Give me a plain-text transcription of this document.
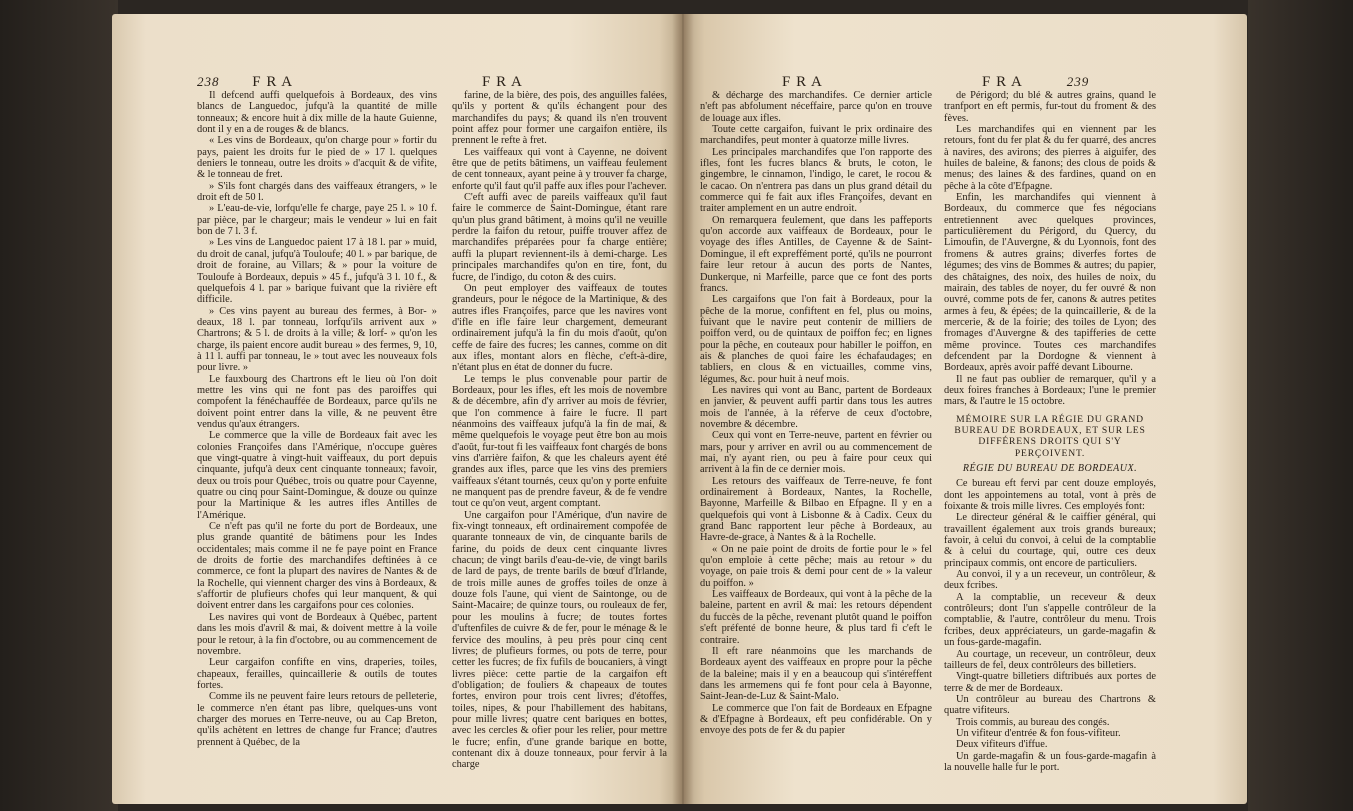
238 F R A	F R A

Il defcend auffi quelquefois à Bordeaux, des vins blancs de Languedoc, jufqu'à la quantité de mille tonneaux; & encore huit à dix mille de la haute Guienne, dont il y en a de rouges & de blancs.

« Les vins de Bordeaux, qu'on charge pour » fortir du pays, paient les droits fur le pied de » 17 l. quelques deniers le tonneau, outre les droits » d'acquit & de vifite, & le tonneau de fret.

» S'ils font chargés dans des vaiffeaux étrangers, » le droit eft de 50 l.

» L'eau-de-vie, lorfqu'elle fe charge, paye 25 l. » 10 f. par pièce, par le chargeur; mais le vendeur » lui en fait bon de 7 l. 3 f.

» Les vins de Languedoc paient 17 à 18 l. par » muid, du droit de canal, jufqu'à Touloufe; 40 l. » par barique, de droit de foraine, au Villars; & » pour la voiture de Touloufe à Bordeaux, depuis » 45 f., jufqu'à 3 l. 10 f., & quelquefois 4 l. par » barique fuivant que la rivière eft difficile.

» Ces vins payent au bureau des fermes, à Bor- » deaux, 18 l. par tonneau, lorfqu'ils arrivent aux » Chartrons; & 5 l. de droits à la ville; & lorf- » qu'on les charge, ils paient encore audit bureau » des fermes, 9, 10, à 11 l. auffi par tonneau, le » tout avec les nouveaux fols pour livre. »

Le fauxbourg des Chartrons eft le lieu où l'on doit mettre les vins qui ne font pas des paroiffes qui compofent la fénéchauffée de Bordeaux, parce qu'ils ne doivent point entrer dans la ville, & ne peuvent être vendus qu'aux étrangers.

Le commerce que la ville de Bordeaux fait avec les colonies Françoifes dans l'Amérique, n'occupe guères que vingt-quatre à vingt-huit vaiffeaux, du port depuis cinquante, jufqu'à deux cent cinquante tonneaux; favoir, deux ou trois pour Québec, trois ou quatre pour Cayenne, quatre ou cinq pour Saint-Domingue, & douze ou quinze pour la Martinique & les autres ifles Antilles de l'Amérique.

Ce n'eft pas qu'il ne forte du port de Bordeaux, une plus grande quantité de bâtimens pour les Indes occidentales; mais comme il ne fe paye point en France de droits de fortie des marchandifes deftinées à ce commerce, ce font la plupart des navires de Nantes & de la Rochelle, qui viennent charger des vins à Bordeaux, & s'affortir de plufieurs chofes qui leur manquent, & qui doivent entrer dans les cargaifons pour ces colonies.

Les navires qui vont de Bordeaux à Québec, partent dans les mois d'avril & mai, & doivent mettre à la voile pour le retour, à la fin d'octobre, ou au commencement de novembre.

Leur cargaifon confifte en vins, draperies, toiles, chapeaux, ferailles, quincaillerie & outils de toutes fortes.

Comme ils ne peuvent faire leurs retours de pelleterie, le commerce n'en étant pas libre, quelques-uns vont charger des morues en Terre-neuve, ou au Cap Breton, qu'ils achètent en lettres de change fur France; d'autres prennent à Québec, de la

farine, de la bière, des pois, des anguilles falées, qu'ils y portent & qu'ils échangent pour des marchandifes du pays; & quand ils n'en trouvent point affez pour former une cargaifon entière, ils prennent le refte à fret.

Les vaiffeaux qui vont à Cayenne, ne doivent être que de petits bâtimens, un vaiffeau feulement de cent tonneaux, ayant peine à y trouver fa charge, enforte qu'il faut qu'il paffe aux ifles pour l'achever.

C'eft auffi avec de pareils vaiffeaux qu'il faut faire le commerce de Saint-Domingue, étant rare qu'un plus grand bâtiment, à moins qu'il ne veuille perdre la faifon du retour, puiffe trouver affez de marchandifes préparées pour fa charge entière; auffi la plupart reviennent-ils à demi-charge. Les principales marchandifes qu'on en tire, font, du fucre, de l'indigo, du coton & des cuirs.

On peut employer des vaiffeaux de toutes grandeurs, pour le négoce de la Martinique, & des autres ifles Françoifes, parce que les navires vont d'ifle en ifle faire leur chargement, demeurant ordinairement jufqu'à la fin du mois d'août, qu'on ceffe de faire des fucres; les cannes, comme on dit aux ifles, montant alors en flèche, c'eft-à-dire, n'étant plus en état de donner du fucre.

Le temps le plus convenable pour partir de Bordeaux, pour les ifles, eft les mois de novembre & de décembre, afin d'y arriver au mois de février, que l'on commence à faire le fucre. Il part néanmoins des vaiffeaux jufqu'à la fin de mai, & même quelquefois le voyage peut être bon au mois d'août, fur-tout fi les vaiffeaux font chargés de bons vins d'arrière faifon, & que les chaleurs ayent été grandes aux ifles, parce que les vins des premiers vaiffeaux s'étant tournés, ceux qu'on y porte enfuite ne manquent pas de prendre faveur, & de fe vendre tout ce qu'on veut, argent comptant.

Une cargaifon pour l'Amérique, d'un navire de fix-vingt tonneaux, eft ordinairement compofée de quarante tonneaux de vin, de cinquante barils de farine, du poids de deux cent cinquante livres chacun; de vingt barils d'eau-de-vie, de vingt barils de lard de pays, de trente barils de bœuf d'Irlande, de trois mille aunes de groffes toiles de onze à douze fols l'aune, qui vient de Saintonge, ou de Saint-Macaire; de quinze tours, ou rouleaux de fer, pour les moulins à fucre; de toutes fortes d'uftenfiles de cuivre & de fer, pour le ménage & le fervice des moulins, à peu près pour cinq cent livres; de plufieurs formes, ou pots de terre, pour cetter les fucres; de fix fufils de boucaniers, à vingt livres pièce: cette partie de la cargaifon eft d'obligation; de fouliers & chapeaux de toutes fortes, environ pour trois cent livres; d'étoffes, toiles, nipes, & pour l'habillement des habitans, pour mille livres; quatre cent bariques en bottes, avec les cercles & ofier pour les relier, pour mettre le fucre; enfin, d'une grande barique en botte, contenant dix à douze tonneaux, pour fervir à la charge

F R A	F R A	239

& décharge des marchandifes. Ce dernier article n'eft pas abfolument néceffaire, parce qu'on en trouve de louage aux ifles.

Toute cette cargaifon, fuivant le prix ordinaire des marchandifes, peut monter à quatorze mille livres.

Les principales marchandifes que l'on rapporte des ifles, font les fucres blancs & bruts, le coton, le gingembre, le cinnamon, l'indigo, le caret, le rocou & le cacao. On n'entrera pas dans un plus grand détail du commerce qui fe fait aux ifles Françoifes, devant en traiter amplement en un autre endroit.

On remarquera feulement, que dans les paffeports qu'on accorde aux vaiffeaux de Bordeaux, pour le voyage des ifles Antilles, de Cayenne & de Saint-Domingue, il eft expreffément porté, qu'ils ne pourront faire leur retour à aucun des ports de Nantes, Dunkerque, ni Marfeille, parce que ce font des ports francs.

Les cargaifons que l'on fait à Bordeaux, pour la pêche de la morue, confiftent en fel, plus ou moins, fuivant que le navire peut contenir de milliers de poiffon verd, ou de quintaux de poiffon fec; en lignes pour la pêche, en couteaux pour habiller le poiffon, en ais & planches de quoi faire les échafaudages; en tabliers, en clous & en victuailles, comme vins, légumes, &c. pour huit à neuf mois.

Les navires qui vont au Banc, partent de Bordeaux en janvier, & peuvent auffi partir dans tous les autres mois de l'année, à la réferve de ceux d'octobre, novembre & décembre.

Ceux qui vont en Terre-neuve, partent en février ou mars, pour y arriver en avril ou au commencement de mai, n'y ayant rien, ou peu à faire pour ceux qui arrivent à la fin de ce dernier mois.

Les retours des vaiffeaux de Terre-neuve, fe font ordinairement à Bordeaux, Nantes, la Rochelle, Bayonne, Marfeille & Bilbao en Efpagne. Il y en a quelquefois qui vont à Lisbonne & à Cadix. Ceux du grand Banc rapportent leur pêche à Bordeaux, au Havre-de-grace, à Nantes & à la Rochelle.

« On ne paie point de droits de fortie pour le » fel qu'on emploie à cette pêche; mais au retour » du voyage, on paie trois & demi pour cent de » la valeur du poiffon. »

Les vaiffeaux de Bordeaux, qui vont à la pêche de la baleine, partent en avril & mai: les retours dépendent du fuccès de la pêche, revenant plutôt quand le poiffon s'eft préfenté de bonne heure, & plus tard fi c'eft le contraire.

Il eft rare néanmoins que les marchands de Bordeaux ayent des vaiffeaux en propre pour la pêche de la baleine; mais il y en a beaucoup qui s'intéreffent dans les armemens qui fe font pour cela à Bayonne, Saint-Jean-de-Luz & Saint-Malo.

Le commerce que l'on fait de Bordeaux en Efpagne & d'Efpagne à Bordeaux, eft peu confidérable. On y envoye des pots de fer & du papier

de Périgord; du blé & autres grains, quand le tranfport en eft permis, fur-tout du froment & des fèves.

Les marchandifes qui en viennent par les retours, font du fer plat & du fer quarré, des ancres à navires, des avirons; des pierres à aiguifer, des huiles de baleine, & fanons; des clous de poids & menus; des laines & des fardines, quand on en pêche à la côte d'Efpagne.

Enfin, les marchandifes qui viennent à Bordeaux, du commerce que fes négocians entretiennent avec quelques provinces, particulièrement du Périgord, du Quercy, du Limoufin, de l'Auvergne, & du Lyonnois, font des fromens & autres grains; diverfes fortes de légumes; des vins de Bommes & autres; du papier, des châtaignes, des noix, des huiles de noix, du mairain, des tables de noyer, du fer ouvré & non ouvré, comme pots de fer, canons & autres petites armes à feu, & épées; de la quincaillerie, & de la mercerie, & de la foirie; des toiles de Lyon; des fromages d'Auvergne & des tapifferies de cette même province. Toutes ces marchandifes defcendent par la Dordogne & viennent à Bordeaux, après avoir paffé devant Libourne.

Il ne faut pas oublier de remarquer, qu'il y a deux foires franches à Bordeaux; l'une le premier mars, & l'autre le 15 octobre.

MÉMOIRE SUR LA RÉGIE DU GRAND BUREAU DE BORDEAUX, ET SUR LES DIFFÉRENS DROITS QUI S'Y PERÇOIVENT.

RÉGIE DU BUREAU DE BORDEAUX.

Ce bureau eft fervi par cent douze employés, dont les appointemens au total, vont à près de foixante & trois mille livres. Ces employés font:

Le directeur général & le caiffier général, qui travaillent également aux trois grands bureaux; favoir, à celui du convoi, à celui de la comptablie & à celui du courtage, qui, outre ces deux principaux commis, ont encore de particuliers.

Au convoi, il y a un receveur, un contrôleur, & deux fcribes.

A la comptablie, un receveur & deux contrôleurs; dont l'un s'appelle contrôleur de la comptablie, & l'autre, contrôleur du menu. Trois fcribes, deux appréciateurs, un garde-magafin & un fous-garde-magafin.

Au courtage, un receveur, un contrôleur, deux tailleurs de fel, deux contrôleurs des billetiers.

Vingt-quatre billetiers diftribués aux portes de terre & de mer de Bordeaux.

Un contrôleur au bureau des Chartrons & quatre vifiteurs.

Trois commis, au bureau des congés.

Un vifiteur d'entrée & fon fous-vifiteur.

Deux vifiteurs d'iffue.

Un garde-magafin & un fous-garde-magafin à la nouvelle halle fur le port.
